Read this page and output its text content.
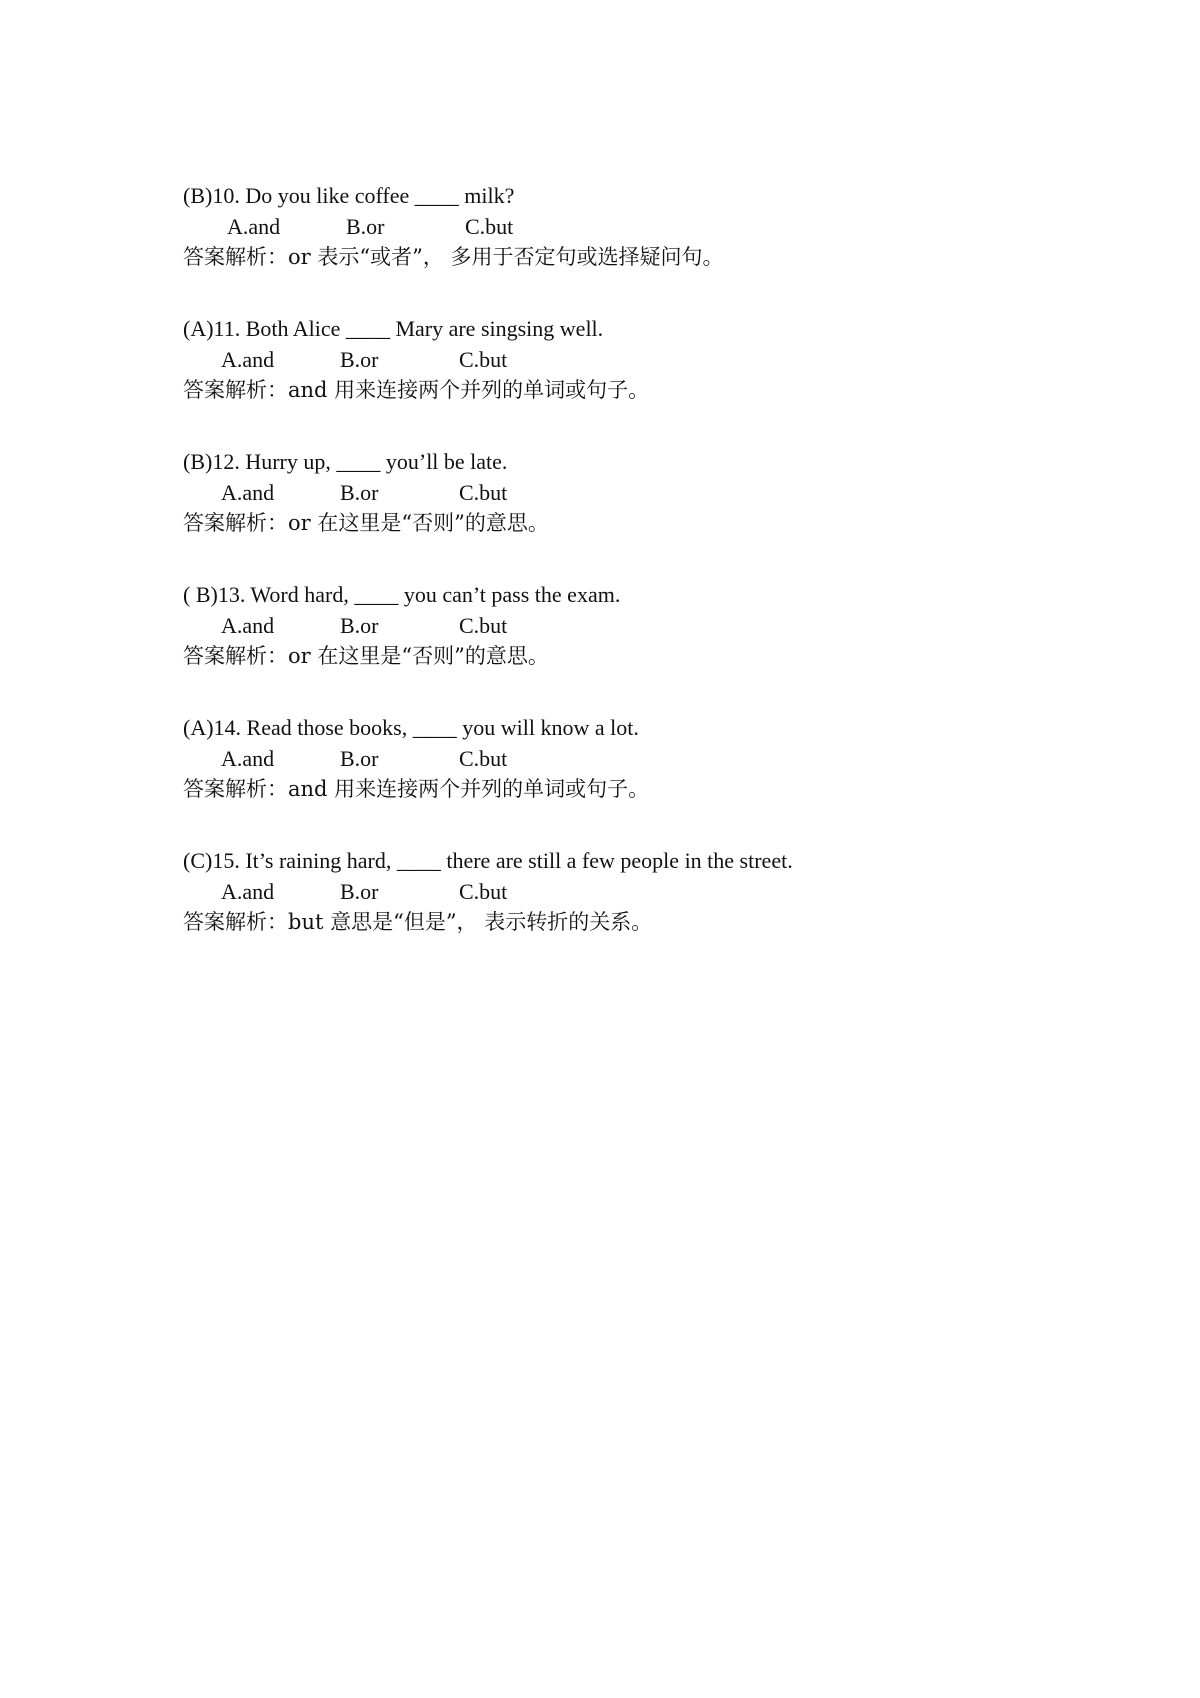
(B)10. Do you like coffee ____ milk?
A.and	B.or	C.but
答案解析：or 表示“或者”， 多用于否定句或选择疑问句。
(A)11. Both Alice ____ Mary are singsing well.
A.and	B.or	C.but
答案解析：and 用来连接两个并列的单词或句子。
(B)12. Hurry up, ____ you’ll be late.
A.and	B.or	C.but
答案解析：or 在这里是“否则”的意思。
( B)13. Word hard, ____ you can’t pass the exam.
A.and	B.or	C.but
答案解析：or 在这里是“否则”的意思。
(A)14. Read those books, ____ you will know a lot.
A.and	B.or	C.but
答案解析：and 用来连接两个并列的单词或句子。
(C)15. It’s raining hard, ____ there are still a few people in the street.
A.and	B.or	C.but
答案解析：but 意思是“但是”， 表示转折的关系。
